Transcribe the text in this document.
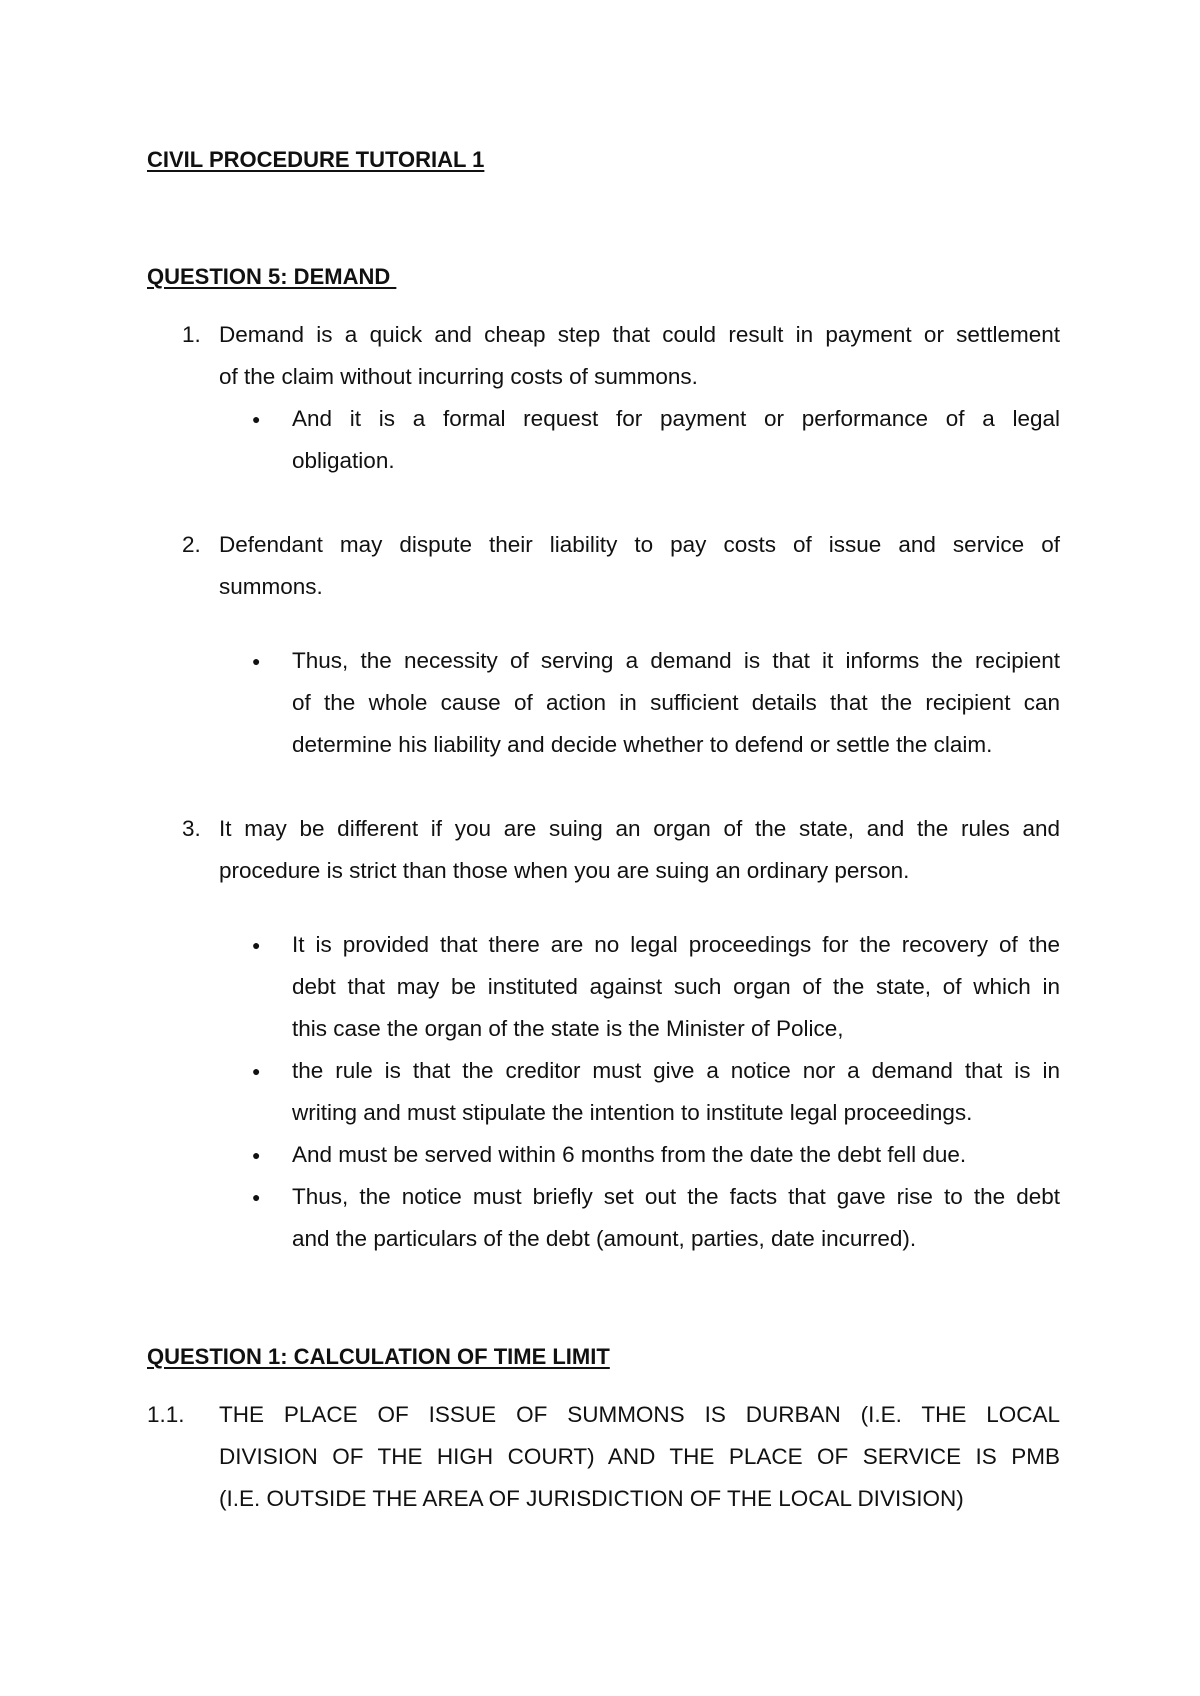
CIVIL PROCEDURE TUTORIAL 1
QUESTION 5: DEMAND
1. Demand is a quick and cheap step that could result in payment or settlement
of the claim without incurring costs of summons.
● And it is a formal request for payment or performance of a legal
obligation.
2. Defendant may dispute their liability to pay costs of issue and service of
summons.
● Thus, the necessity of serving a demand is that it informs the recipient
of the whole cause of action in sufficient details that the recipient can
determine his liability and decide whether to defend or settle the claim.
3. It may be different if you are suing an organ of the state, and the rules and
procedure is strict than those when you are suing an ordinary person.
● It is provided that there are no legal proceedings for the recovery of the
debt that may be instituted against such organ of the state, of which in
this case the organ of the state is the Minister of Police,
● the rule is that the creditor must give a notice nor a demand that is in
writing and must stipulate the intention to institute legal proceedings.
● And must be served within 6 months from the date the debt fell due.
● Thus, the notice must briefly set out the facts that gave rise to the debt
and the particulars of the debt (amount, parties, date incurred).
QUESTION 1: CALCULATION OF TIME LIMIT
1.1. THE PLACE OF ISSUE OF SUMMONS IS DURBAN (I.E. THE LOCAL
DIVISION OF THE HIGH COURT) AND THE PLACE OF SERVICE IS PMB
(I.E. OUTSIDE THE AREA OF JURISDICTION OF THE LOCAL DIVISION)
